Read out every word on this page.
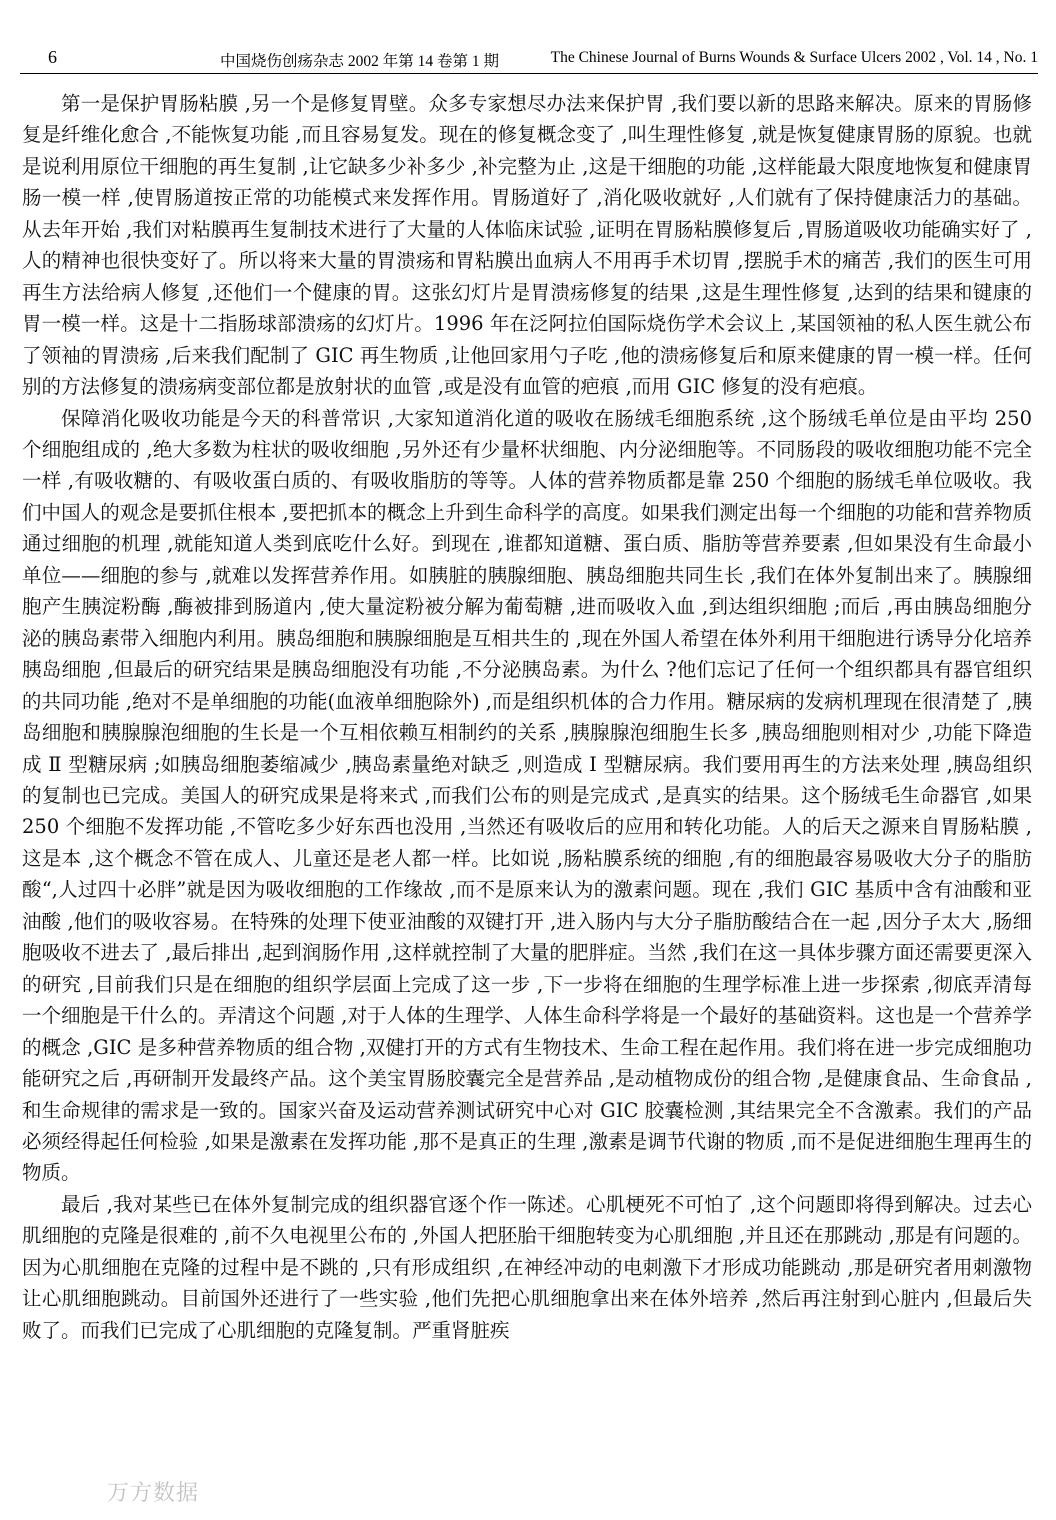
6	中国烧伤创疡杂志 2002 年第 14 卷第 1 期	The Chinese Journal of Burns Wounds & Surface Ulcers 2002 , Vol. 14 , No. 1

第一是保护胃肠粘膜 ,另一个是修复胃壁。众多专家想尽办法来保护胃 ,我们要以新的思路来解决。原来的胃肠修复是纤维化愈合 ,不能恢复功能 ,而且容易复发。现在的修复概念变了 ,叫生理性修复 ,就是恢复健康胃肠的原貌。也就是说利用原位干细胞的再生复制 ,让它缺多少补多少 ,补完整为止 ,这是干细胞的功能 ,这样能最大限度地恢复和健康胃肠一模一样 ,使胃肠道按正常的功能模式来发挥作用。胃肠道好了 ,消化吸收就好 ,人们就有了保持健康活力的基础。从去年开始 ,我们对粘膜再生复制技术进行了大量的人体临床试验 ,证明在胃肠粘膜修复后 ,胃肠道吸收功能确实好了 ,人的精神也很快变好了。所以将来大量的胃溃疡和胃粘膜出血病人不用再手术切胃 ,摆脱手术的痛苦 ,我们的医生可用再生方法给病人修复 ,还他们一个健康的胃。这张幻灯片是胃溃疡修复的结果 ,这是生理性修复 ,达到的结果和键康的胃一模一样。这是十二指肠球部溃疡的幻灯片。1996 年在泛阿拉伯国际烧伤学术会议上 ,某国领袖的私人医生就公布了领袖的胃溃疡 ,后来我们配制了 GIC 再生物质 ,让他回家用勺子吃 ,他的溃疡修复后和原来健康的胃一模一样。任何别的方法修复的溃疡病变部位都是放射状的血管 ,或是没有血管的疤痕 ,而用 GIC 修复的没有疤痕。

保障消化吸收功能是今天的科普常识 ,大家知道消化道的吸收在肠绒毛细胞系统 ,这个肠绒毛单位是由平均 250 个细胞组成的 ,绝大多数为柱状的吸收细胞 ,另外还有少量杯状细胞、内分泌细胞等。不同肠段的吸收细胞功能不完全一样 ,有吸收糖的、有吸收蛋白质的、有吸收脂肪的等等。人体的营养物质都是靠 250 个细胞的肠绒毛单位吸收。我们中国人的观念是要抓住根本 ,要把抓本的概念上升到生命科学的高度。如果我们测定出每一个细胞的功能和营养物质通过细胞的机理 ,就能知道人类到底吃什么好。到现在 ,谁都知道糖、蛋白质、脂肪等营养要素 ,但如果没有生命最小单位——细胞的参与 ,就难以发挥营养作用。如胰脏的胰腺细胞、胰岛细胞共同生长 ,我们在体外复制出来了。胰腺细胞产生胰淀粉酶 ,酶被排到肠道内 ,使大量淀粉被分解为葡萄糖 ,进而吸收入血 ,到达组织细胞 ;而后 ,再由胰岛细胞分泌的胰岛素带入细胞内利用。胰岛细胞和胰腺细胞是互相共生的 ,现在外国人希望在体外利用干细胞进行诱导分化培养胰岛细胞 ,但最后的研究结果是胰岛细胞没有功能 ,不分泌胰岛素。为什么 ?他们忘记了任何一个组织都具有器官组织的共同功能 ,绝对不是单细胞的功能(血液单细胞除外) ,而是组织机体的合力作用。糖尿病的发病机理现在很清楚了 ,胰岛细胞和胰腺腺泡细胞的生长是一个互相依赖互相制约的关系 ,胰腺腺泡细胞生长多 ,胰岛细胞则相对少 ,功能下降造成 Ⅱ 型糖尿病 ;如胰岛细胞萎缩减少 ,胰岛素量绝对缺乏 ,则造成 Ⅰ 型糖尿病。我们要用再生的方法来处理 ,胰岛组织的复制也已完成。美国人的研究成果是将来式 ,而我们公布的则是完成式 ,是真实的结果。这个肠绒毛生命器官 ,如果 250 个细胞不发挥功能 ,不管吃多少好东西也没用 ,当然还有吸收后的应用和转化功能。人的后天之源来自胃肠粘膜 ,这是本 ,这个概念不管在成人、儿童还是老人都一样。比如说 ,肠粘膜系统的细胞 ,有的细胞最容易吸收大分子的脂肪酸“,人过四十必胖”就是因为吸收细胞的工作缘故 ,而不是原来认为的激素问题。现在 ,我们 GIC 基质中含有油酸和亚油酸 ,他们的吸收容易。在特殊的处理下使亚油酸的双键打开 ,进入肠内与大分子脂肪酸结合在一起 ,因分子太大 ,肠细胞吸收不进去了 ,最后排出 ,起到润肠作用 ,这样就控制了大量的肥胖症。当然 ,我们在这一具体步骤方面还需要更深入的研究 ,目前我们只是在细胞的组织学层面上完成了这一步 ,下一步将在细胞的生理学标准上进一步探索 ,彻底弄清每一个细胞是干什么的。弄清这个问题 ,对于人体的生理学、人体生命科学将是一个最好的基础资料。这也是一个营养学的概念 ,GIC 是多种营养物质的组合物 ,双健打开的方式有生物技术、生命工程在起作用。我们将在进一步完成细胞功能研究之后 ,再研制开发最终产品。这个美宝胃肠胶囊完全是营养品 ,是动植物成份的组合物 ,是健康食品、生命食品 ,和生命规律的需求是一致的。国家兴奋及运动营养测试研究中心对 GIC 胶囊检测 ,其结果完全不含激素。我们的产品必须经得起任何检验 ,如果是激素在发挥功能 ,那不是真正的生理 ,激素是调节代谢的物质 ,而不是促进细胞生理再生的物质。

最后 ,我对某些已在体外复制完成的组织器官逐个作一陈述。心肌梗死不可怕了 ,这个问题即将得到解决。过去心肌细胞的克隆是很难的 ,前不久电视里公布的 ,外国人把胚胎干细胞转变为心肌细胞 ,并且还在那跳动 ,那是有问题的。因为心肌细胞在克隆的过程中是不跳的 ,只有形成组织 ,在神经冲动的电刺激下才形成功能跳动 ,那是研究者用刺激物让心肌细胞跳动。目前国外还进行了一些实验 ,他们先把心肌细胞拿出来在体外培养 ,然后再注射到心脏内 ,但最后失败了。而我们已完成了心肌细胞的克隆复制。严重肾脏疾

万方数据
